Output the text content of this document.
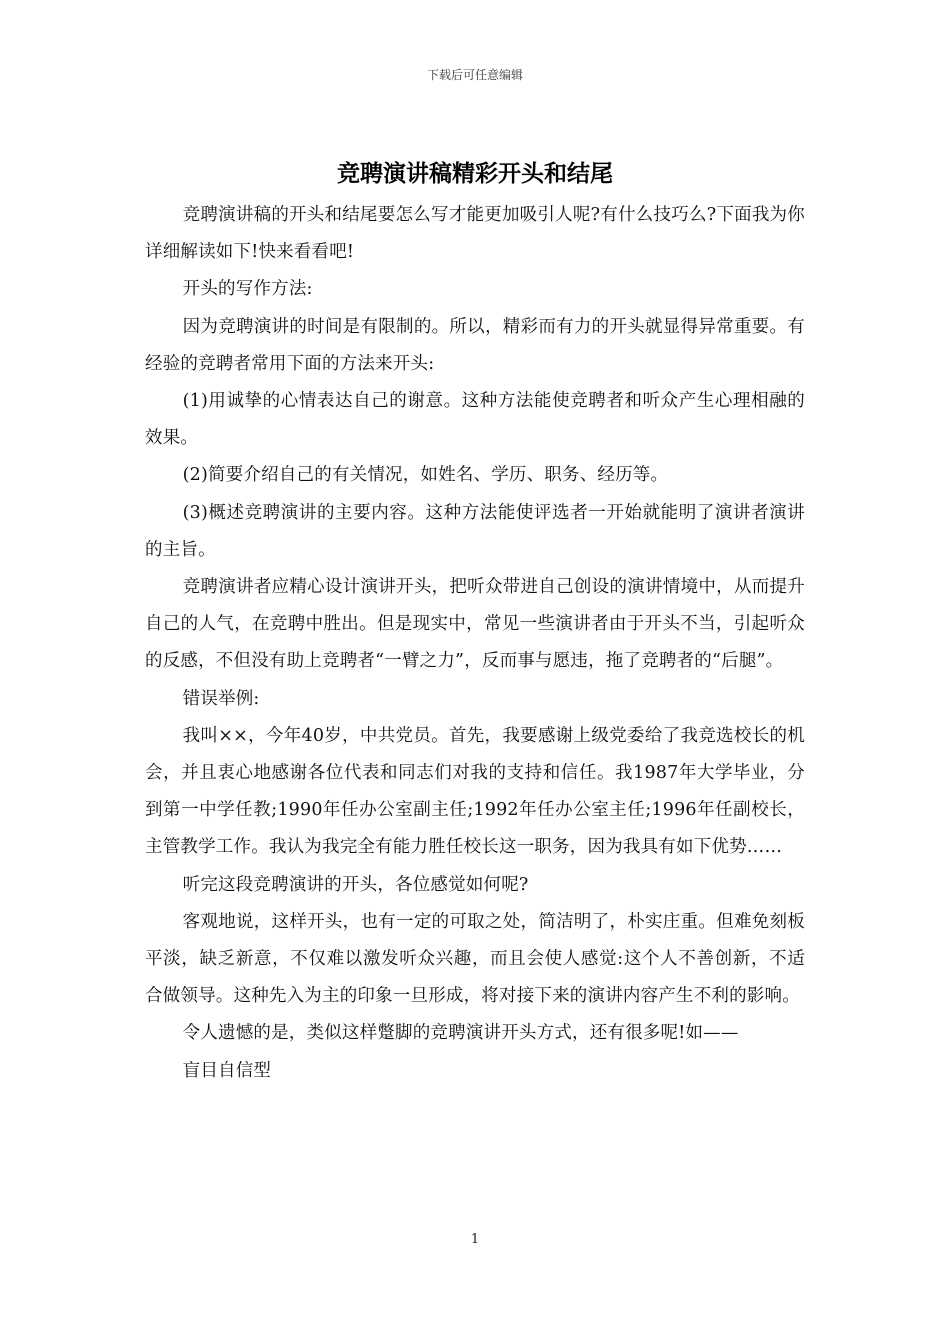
下载后可任意编辑
竞聘演讲稿精彩开头和结尾

竞聘演讲稿的开头和结尾要怎么写才能更加吸引人呢?有什么技巧么?下面我为你详细解读如下!快来看看吧!

开头的写作方法:

因为竞聘演讲的时间是有限制的。所以，精彩而有力的开头就显得异常重要。有经验的竞聘者常用下面的方法来开头:

(1)用诚挚的心情表达自己的谢意。这种方法能使竞聘者和听众产生心理相融的效果。

(2)简要介绍自己的有关情况，如姓名、学历、职务、经历等。

(3)概述竞聘演讲的主要内容。这种方法能使评选者一开始就能明了演讲者演讲的主旨。

竞聘演讲者应精心设计演讲开头，把听众带进自己创设的演讲情境中，从而提升自己的人气，在竞聘中胜出。但是现实中，常见一些演讲者由于开头不当，引起听众的反感，不但没有助上竞聘者“一臂之力”，反而事与愿违，拖了竞聘者的“后腿”。

错误举例:

我叫××，今年40岁，中共党员。首先，我要感谢上级党委给了我竞选校长的机会，并且衷心地感谢各位代表和同志们对我的支持和信任。我1987年大学毕业，分到第一中学任教;1990年任办公室副主任;1992年任办公室主任;1996年任副校长，主管教学工作。我认为我完全有能力胜任校长这一职务，因为我具有如下优势……

听完这段竞聘演讲的开头，各位感觉如何呢?

客观地说，这样开头，也有一定的可取之处，简洁明了，朴实庄重。但难免刻板平淡，缺乏新意，不仅难以激发听众兴趣，而且会使人感觉:这个人不善创新，不适合做领导。这种先入为主的印象一旦形成，将对接下来的演讲内容产生不利的影响。

令人遗憾的是，类似这样蹩脚的竞聘演讲开头方式，还有很多呢!如——

盲目自信型

1
